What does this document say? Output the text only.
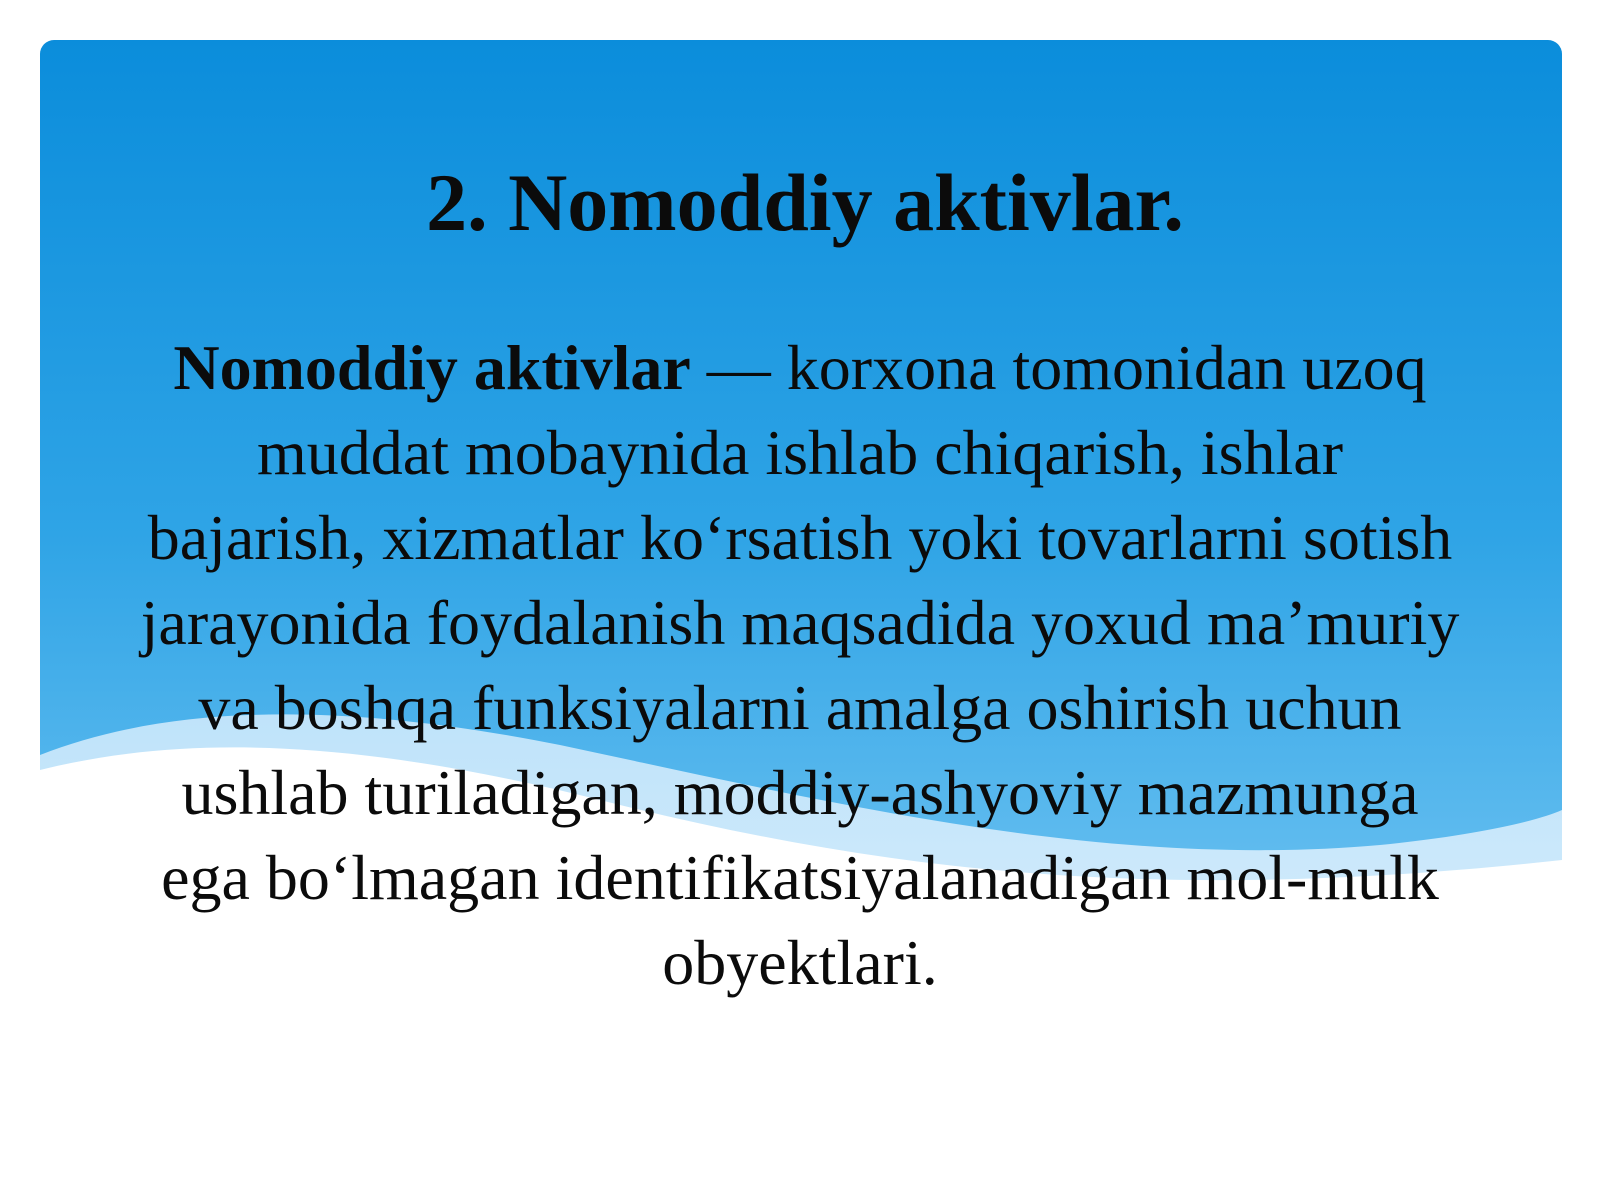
2. Nomoddiy aktivlar.
Nomoddiy aktivlar — korxona tomonidan uzoq muddat mobaynida ishlab chiqarish, ishlar bajarish, xizmatlar koʻrsatish yoki tovarlarni sotish jarayonida foydalanish maqsadida yoxud maʼmuriy va boshqa funksiyalarni amalga oshirish uchun ushlab turiladigan, moddiy-ashyoviy mazmunga ega boʻlmagan identifikatsiyalanadigan mol-mulk obyektlari.
